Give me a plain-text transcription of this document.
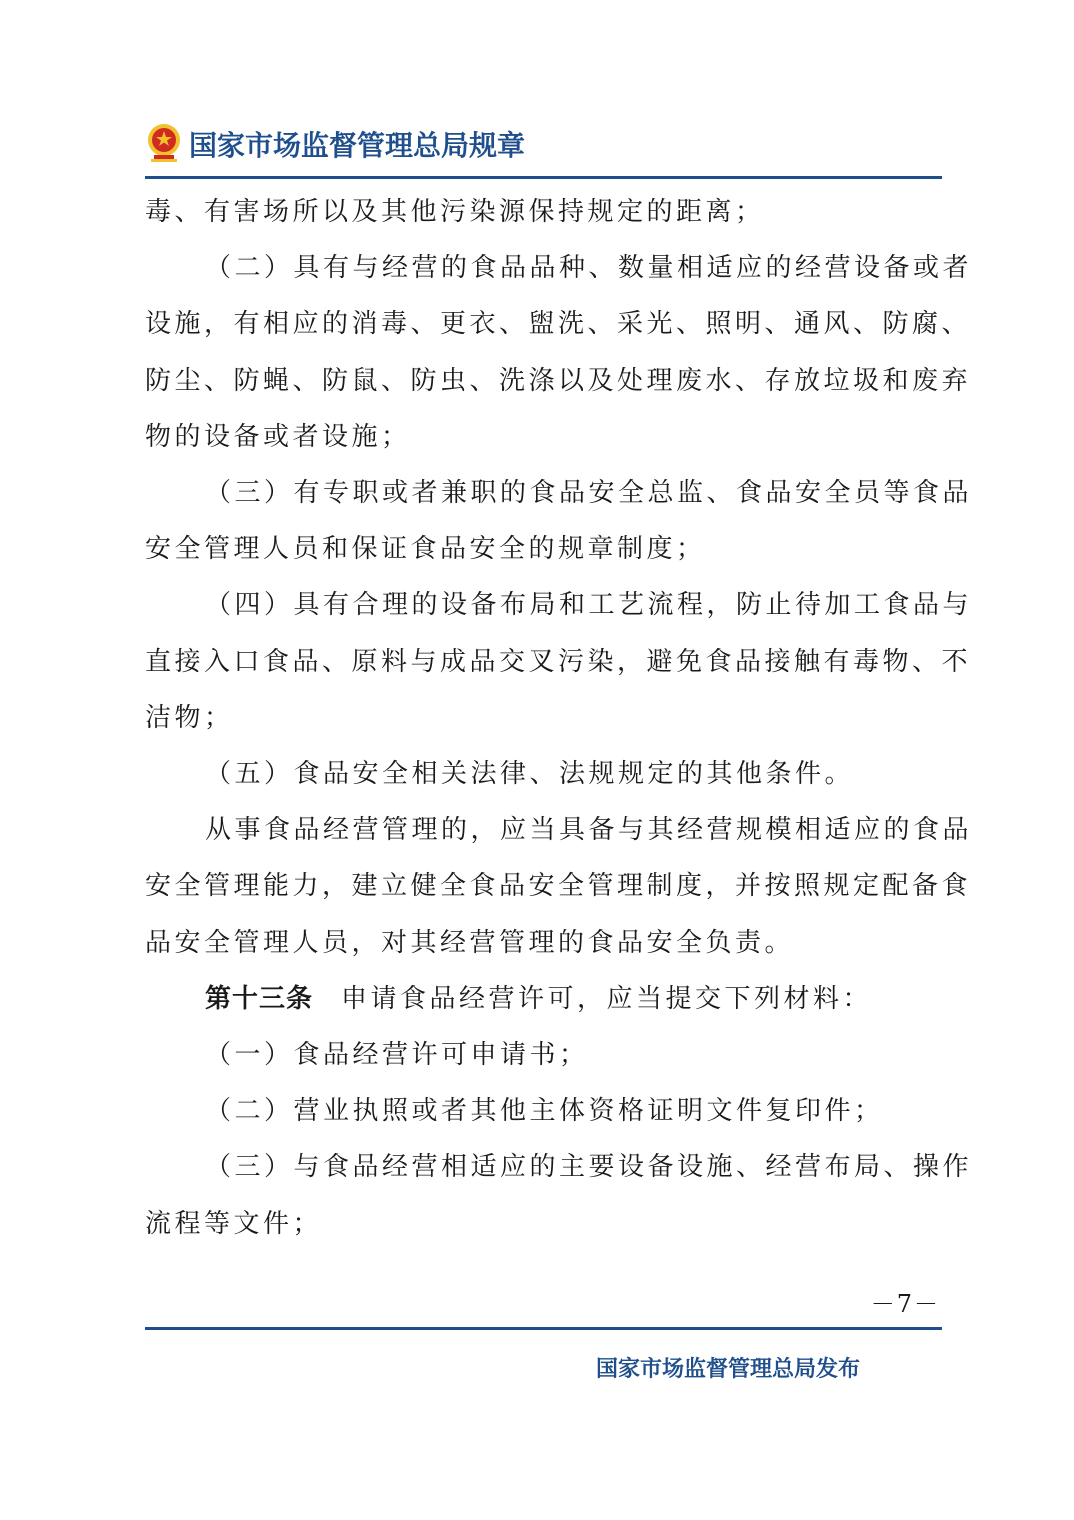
国家市场监督管理总局规章
毒、有害场所以及其他污染源保持规定的距离；
（二）具有与经营的食品品种、数量相适应的经营设备或者
设施，有相应的消毒、更衣、盥洗、采光、照明、通风、防腐、
防尘、防蝇、防鼠、防虫、洗涤以及处理废水、存放垃圾和废弃
物的设备或者设施；
（三）有专职或者兼职的食品安全总监、食品安全员等食品
安全管理人员和保证食品安全的规章制度；
（四）具有合理的设备布局和工艺流程，防止待加工食品与
直接入口食品、原料与成品交叉污染，避免食品接触有毒物、不
洁物；
（五）食品安全相关法律、法规规定的其他条件。
从事食品经营管理的，应当具备与其经营规模相适应的食品
安全管理能力，建立健全食品安全管理制度，并按照规定配备食
品安全管理人员，对其经营管理的食品安全负责。
第十三条 申请食品经营许可，应当提交下列材料：
（一）食品经营许可申请书；
（二）营业执照或者其他主体资格证明文件复印件；
（三）与食品经营相适应的主要设备设施、经营布局、操作
流程等文件；
－7－
国家市场监督管理总局发布
